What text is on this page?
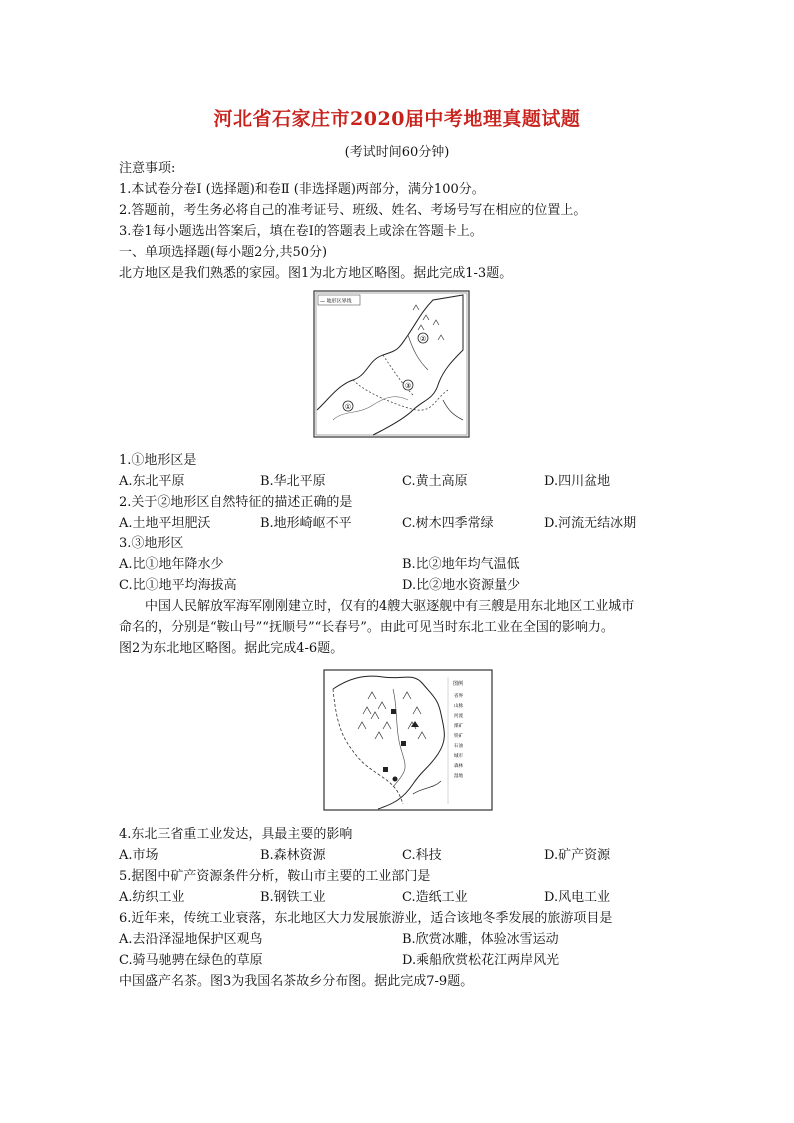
河北省石家庄市2020届中考地理真题试题
(考试时间60分钟)
注意事项:
1.本试卷分卷Ⅰ (选择题)和卷Ⅱ (非选择题)两部分，满分100分。
2.答题前，考生务必将自己的准考证号、班级、姓名、考场号写在相应的位置上。
3.卷1每小题选出答案后，填在卷Ⅰ的答题表上或涂在答题卡上。
一、单项选择题(每小题2分,共50分)
北方地区是我们熟悉的家园。图1为北方地区略图。据此完成1-3题。
①
②
③
— 地形区界线
1.①地形区是
A.东北平原	B.华北平原	C.黄土高原	D.四川盆地
2.关于②地形区自然特征的描述正确的是
A.土地平坦肥沃	B.地形崎岖不平	C.树木四季常绿	D.河流无结冰期
3.③地形区
A.比①地年降水少	B.比②地年均气温低
C.比①地平均海拔高	D.比②地水资源量少
中国人民解放军海军刚刚建立时，仅有的4艘大驱逐舰中有三艘是用东北地区工业城市
命名的，分别是“鞍山号”“抚顺号”“长春号”。由此可见当时东北工业在全国的影响力。
图2为东北地区略图。据此完成4-6题。
图例
省界
山脉
河流
煤矿
铁矿
石油
城市
森林
湿地
4.东北三省重工业发达，具最主要的影响
A.市场	B.森林资源	C.科技	D.矿产资源
5.据图中矿产资源条件分析，鞍山市主要的工业部门是
A.纺织工业	B.钢铁工业	C.造纸工业	D.风电工业
6.近年来，传统工业衰落，东北地区大力发展旅游业，适合该地冬季发展的旅游项目是
A.去沿泽湿地保护区观鸟	B.欣赏冰雕，体验冰雪运动
C.骑马驰骋在绿色的草原	D.乘船欣赏松花江两岸风光
中国盛产名茶。图3为我国名茶故乡分布图。据此完成7-9题。
